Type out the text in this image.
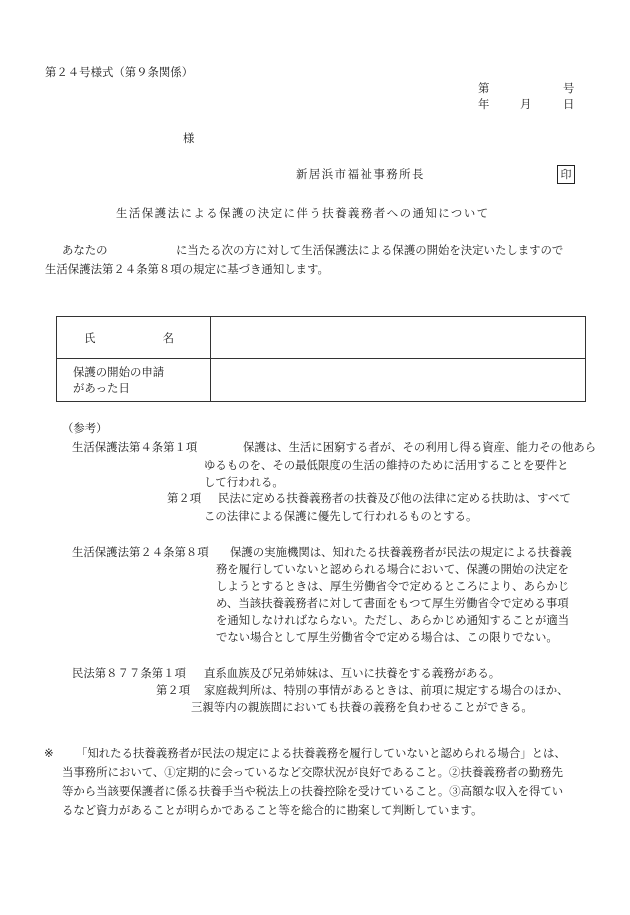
第２４号様式（第９条関係）
第	号
年	月	日
様
新居浜市福祉事務所長	印
生活保護法による保護の決定に伴う扶養義務者への通知について
あなたの	に当たる次の方に対して生活保護法による保護の開始を決定いたしますので
生活保護法第２４条第８項の規定に基づき通知します。
氏　　名	

保護の開始の申請
があった日	

（参考）
生活保護法第４条第１項	保護は、生活に困窮する者が、その利用し得る資産、能力その他あら
ゆるものを、その最低限度の生活の維持のために活用することを要件と
して行われる。
第２項 民法に定める扶養義務者の扶養及び他の法律に定める扶助は、すべて
この法律による保護に優先して行われるものとする。
生活保護法第２４条第８項 保護の実施機関は、知れたる扶養義務者が民法の規定による扶養義
務を履行していないと認められる場合において、保護の開始の決定を
しようとするときは、厚生労働省令で定めるところにより、あらかじ
め、当該扶養義務者に対して書面をもつて厚生労働省令で定める事項
を通知しなければならない。ただし、あらかじめ通知することが適当
でない場合として厚生労働省令で定める場合は、この限りでない。
民法第８７７条第１項 直系血族及び兄弟姉妹は、互いに扶養をする義務がある。
第２項 家庭裁判所は、特別の事情があるときは、前項に規定する場合のほか、
三親等内の親族間においても扶養の義務を負わせることができる。
※ 「知れたる扶養義務者が民法の規定による扶養義務を履行していないと認められる場合」とは、
当事務所において、①定期的に会っているなど交際状況が良好であること。②扶養義務者の勤務先
等から当該要保護者に係る扶養手当や税法上の扶養控除を受けていること。③高額な収入を得てい
るなど資力があることが明らかであること等を総合的に勘案して判断しています。
